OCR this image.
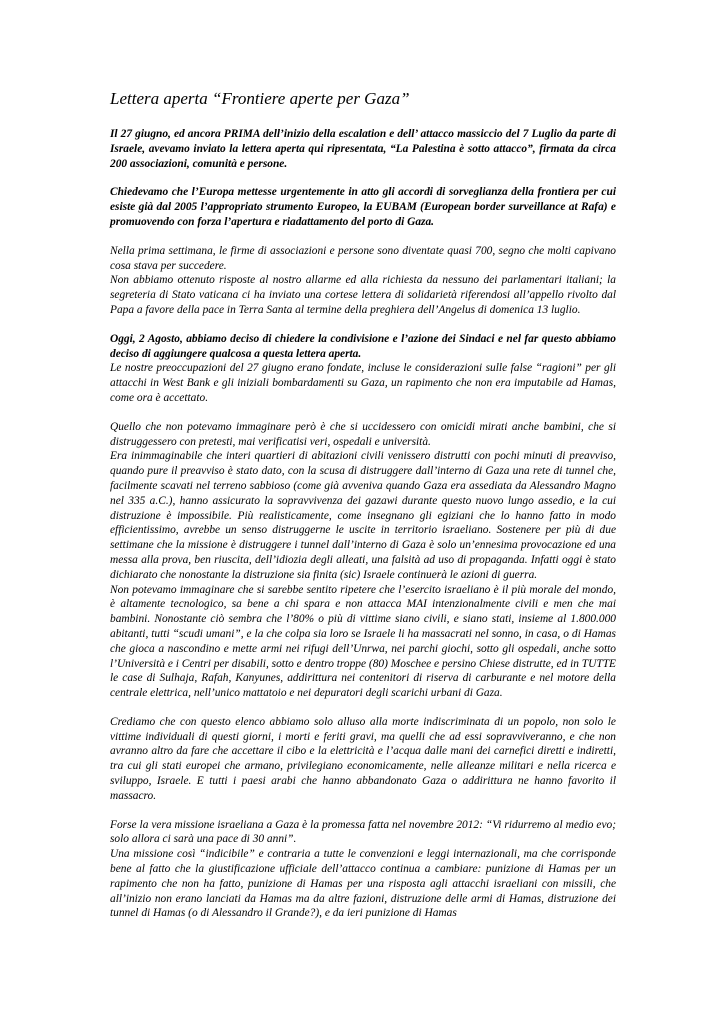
Lettera aperta “Frontiere aperte per Gaza”

Il 27 giugno, ed ancora PRIMA dell’inizio della escalation e dell’ attacco massiccio del 7 Luglio da parte di Israele, avevamo inviato la lettera aperta qui ripresentata, “La Palestina è sotto attacco”, firmata da circa 200 associazioni, comunità e persone.

Chiedevamo che l’Europa mettesse urgentemente in atto gli accordi di sorveglianza della frontiera per cui esiste già dal 2005 l’appropriato strumento Europeo, la EUBAM (European border surveillance at Rafa) e promuovendo con forza l’apertura e riadattamento del porto di Gaza.

Nella prima settimana, le firme di associazioni e persone sono diventate quasi 700, segno che molti capivano cosa stava per succedere.

Non abbiamo ottenuto risposte al nostro allarme ed alla richiesta da nessuno dei parlamentari italiani; la segreteria di Stato vaticana ci ha inviato una cortese lettera di solidarietà riferendosi all’appello rivolto dal Papa a favore della pace in Terra Santa al termine della preghiera dell’Angelus di domenica 13 luglio.

Oggi, 2 Agosto, abbiamo deciso di chiedere la condivisione e l’azione dei Sindaci e nel far questo abbiamo deciso di aggiungere qualcosa a questa lettera aperta.

Le nostre preoccupazioni del 27 giugno erano fondate, incluse le considerazioni sulle false “ragioni” per gli attacchi in West Bank e gli iniziali bombardamenti su Gaza, un rapimento che non era imputabile ad Hamas, come ora è accettato.

Quello che non potevamo immaginare però è che si uccidessero con omicidi mirati anche bambini, che si distruggessero con pretesti, mai verificatisi veri, ospedali e università.

Era inimmaginabile che interi quartieri di abitazioni civili venissero distrutti con pochi minuti di preavviso, quando pure il preavviso è stato dato, con la scusa di distruggere dall’interno di Gaza una rete di tunnel che, facilmente scavati nel terreno sabbioso (come già avveniva quando Gaza era assediata da Alessandro Magno nel 335 a.C.), hanno assicurato la sopravvivenza dei gazawi durante questo nuovo lungo assedio, e la cui distruzione è impossibile. Più realisticamente, come insegnano gli egiziani che lo hanno fatto in modo efficientissimo, avrebbe un senso distruggerne le uscite in territorio israeliano. Sostenere per più di due settimane che la missione è distruggere i tunnel dall’interno di Gaza è solo un’ennesima provocazione ed una messa alla prova, ben riuscita, dell’idiozia degli alleati, una falsità ad uso di propaganda. Infatti oggi è stato dichiarato che nonostante la distruzione sia finita (sic) Israele continuerà le azioni di guerra.

Non potevamo immaginare che si sarebbe sentito ripetere che l’esercito israeliano è il più morale del mondo, è altamente tecnologico, sa bene a chi spara e non attacca MAI intenzionalmente civili e men che mai bambini. Nonostante ciò sembra che l’80% o più di vittime siano civili, e siano stati, insieme al 1.800.000 abitanti, tutti “scudi umani”, e la che colpa sia loro se Israele li ha massacrati nel sonno, in casa, o di Hamas che gioca a nascondino e mette armi nei rifugi dell’Unrwa, nei parchi giochi, sotto gli ospedali, anche sotto l’Università e i Centri per disabili, sotto e dentro troppe (80) Moschee e persino Chiese distrutte, ed in TUTTE le case di Sulhaja, Rafah, Kanyunes, addirittura nei contenitori di riserva di carburante e nel motore della centrale elettrica, nell’unico mattatoio e nei depuratori degli scarichi urbani di Gaza.

Crediamo che con questo elenco abbiamo solo alluso alla morte indiscriminata di un popolo, non solo le vittime individuali di questi giorni, i morti e feriti gravi, ma quelli che ad essi sopravviveranno, e che non avranno altro da fare che accettare il cibo e la elettricità e l’acqua dalle mani dei carnefici diretti e indiretti, tra cui gli stati europei che armano, privilegiano economicamente, nelle alleanze militari e nella ricerca e sviluppo, Israele. E tutti i paesi arabi che hanno abbandonato Gaza o addirittura ne hanno favorito il massacro.

Forse la vera missione israeliana a Gaza è la promessa fatta nel novembre 2012: “Vi ridurremo al medio evo; solo allora ci sarà una pace di 30 anni”.

Una missione così “indicibile” e contraria a tutte le convenzioni e leggi internazionali, ma che corrisponde bene al fatto che la giustificazione ufficiale dell’attacco continua a cambiare: punizione di Hamas per un rapimento che non ha fatto, punizione di Hamas per una risposta agli attacchi israeliani con missili, che all’inizio non erano lanciati da Hamas ma da altre fazioni, distruzione delle armi di Hamas, distruzione dei tunnel di Hamas (o di Alessandro il Grande?), e da ieri punizione di Hamas
